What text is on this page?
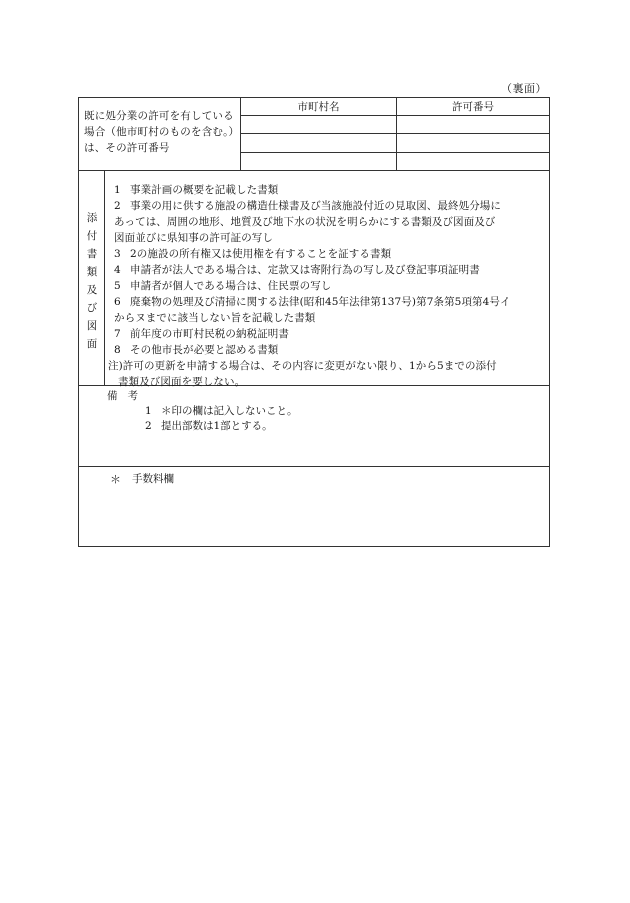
（裏面）
既に処分業の許可を有している場合（他市町村のものを含む。）は、その許可番号
市町村名	許可番号

添
付
書
類
及
び
図
面
1 事業計画の概要を記載した書類
2 事業の用に供する施設の構造仕様書及び当該施設付近の見取図、最終処分場に
あっては、周囲の地形、地質及び地下水の状況を明らかにする書類及び図面及び
図面並びに県知事の許可証の写し
3 2の施設の所有権又は使用権を有することを証する書類
4 申請者が法人である場合は、定款又は寄附行為の写し及び登記事項証明書
5 申請者が個人である場合は、住民票の写し
6 廃棄物の処理及び清掃に関する法律(昭和45年法律第137号)第7条第5項第4号イ
からヌまでに該当しない旨を記載した書類
7 前年度の市町村民税の納税証明書
8 その他市長が必要と認める書類
注)許可の更新を申請する場合は、その内容に変更がない限り、1から5までの添付
書類及び図面を要しない。
備考
1 ＊印の欄は記入しないこと。
2 提出部数は1部とする。
＊ 手数料欄
